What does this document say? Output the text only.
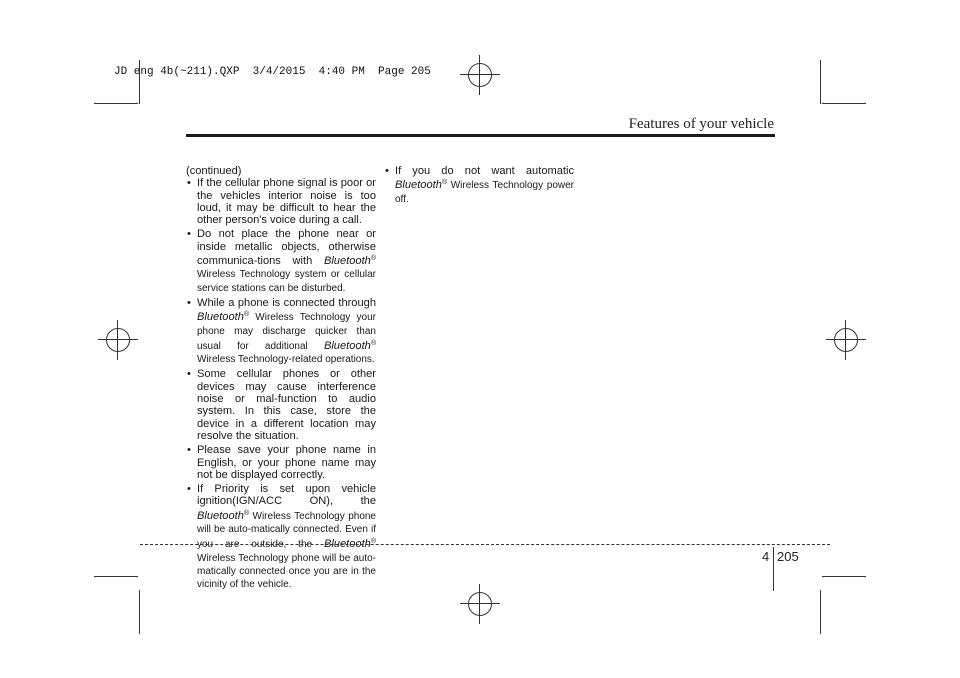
JD eng 4b(~211).QXP  3/4/2015  4:40 PM  Page 205
Features of your vehicle

(continued)

• If the cellular phone signal is poor or the vehicles interior noise is too loud, it may be difficult to hear the other person's voice during a call.

• Do not place the phone near or inside metallic objects, otherwise communica-tions with Bluetooth® Wireless Technology system or cellular service stations can be disturbed.

• While a phone is connected through Bluetooth® Wireless Technology your phone may discharge quicker than usual for additional Bluetooth® Wireless Technology-related operations.

• Some cellular phones or other devices may cause interference noise or mal-function to audio system. In this case, store the device in a different location may resolve the situation.

• Please save your phone name in English, or your phone name may not be displayed correctly.

• If Priority is set upon vehicle ignition(IGN/ACC ON), the Bluetooth® Wireless Technology phone will be auto-matically connected. Even if you are outside, the Bluetooth® Wireless Technology phone will be auto-matically connected once you are in the vicinity of the vehicle.

• If you do not want automatic Bluetooth® Wireless Technology power off.

4 205
